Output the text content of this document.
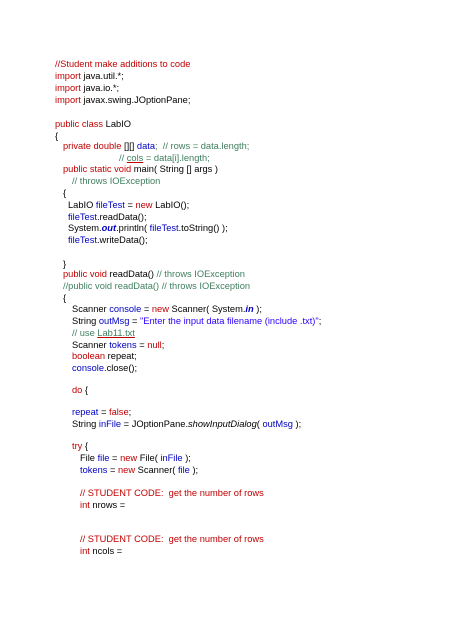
//Student make additions to code
import java.util.*;
import java.io.*;
import javax.swing.JOptionPane;
public class LabIO
{
private double [][] data;  // rows = data.length;
// cols = data[i].length;
public static void main( String [] args )
// throws IOException
{
LabIO fileTest = new LabIO();
fileTest.readData();
System.out.println( fileTest.toString() );
fileTest.writeData();
}
public void readData() // throws IOException
//public void readData() // throws IOException
{
Scanner console = new Scanner( System.in );
String outMsg = "Enter the input data filename (include .txt)";
// use Lab11.txt
Scanner tokens = null;
boolean repeat;
console.close();
do {
repeat = false;
String inFile = JOptionPane.showInputDialog( outMsg );
try {
File file = new File( inFile );
tokens = new Scanner( file );
// STUDENT CODE:  get the number of rows
int nrows =
// STUDENT CODE:  get the number of rows
int ncols =
